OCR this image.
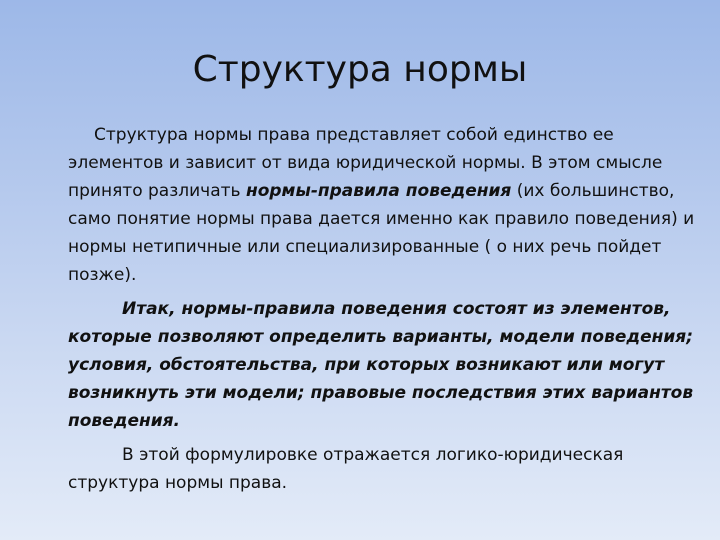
Структура нормы

Структура нормы права представляет собой единство ее элементов и зависит от вида юридической нормы. В этом смысле принято различать нормы-правила поведения (их большинство, само понятие нормы права дается именно как правило поведения) и нормы нетипичные или специализированные ( о них речь пойдет позже).

Итак, нормы-правила поведения состоят из элементов, которые позволяют определить варианты, модели поведения; условия, обстоятельства, при которых возникают или могут возникнуть эти модели; правовые последствия этих вариантов поведения.

В этой формулировке отражается логико-юридическая структура нормы права.
